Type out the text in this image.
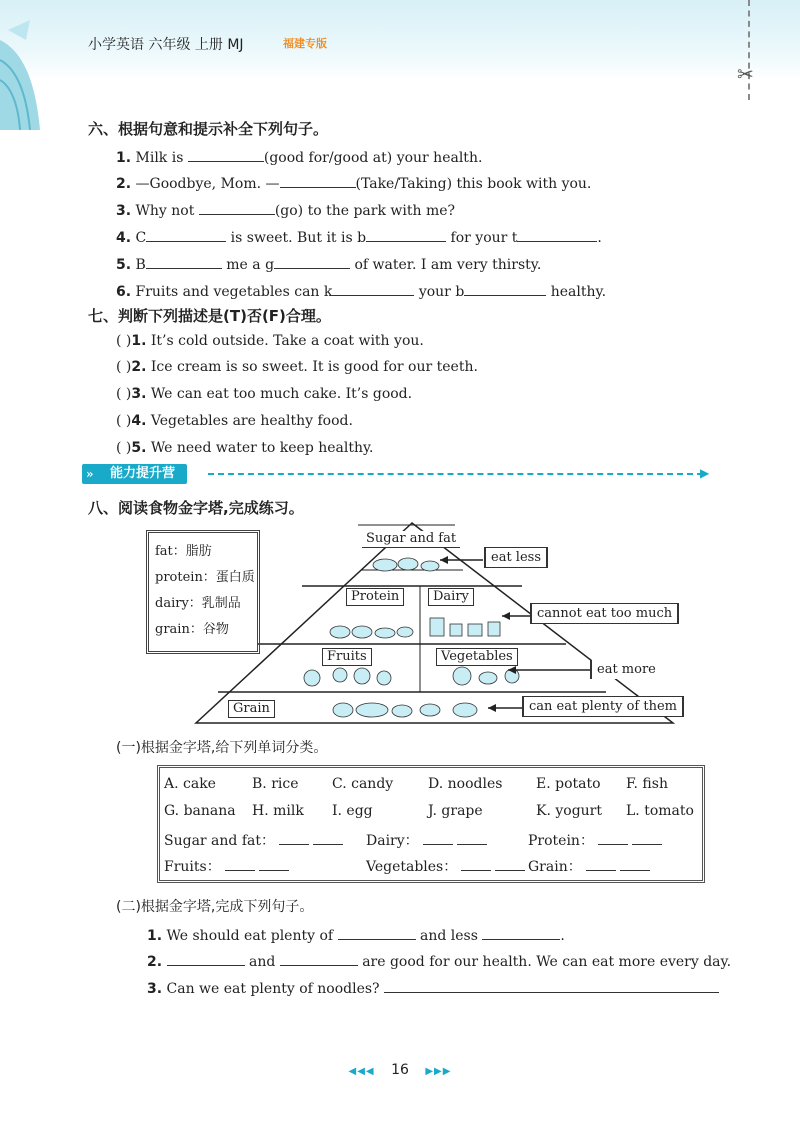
小学英语 六年级 上册 MJ	福建专版
✂
六、根据句意和提示补全下列句子。
1. Milk is	(good for/good at) your health.
2. —Goodbye, Mom. —	(Take/Taking) this book with you.
3. Why not	(go) to the park with me?
4. C	is sweet. But it is b	for your t	.
5. B	me a g	of water. I am very thirsty.
6. Fruits and vegetables can k	your b	healthy.
七、判断下列描述是(T)否(F)合理。
( )1. It’s cold outside. Take a coat with you.
( )2. Ice cream is so sweet. It is good for our teeth.
( )3. We can eat too much cake. It’s good.
( )4. Vegetables are healthy food.
( )5. We need water to keep healthy.
能力提升营
»	▶
八、阅读食物金字塔,完成练习。
fat：脂肪
protein：蛋白质
dairy：乳制品
grain：谷物
Sugar and fat
Protein	Dairy
Fruits	Vegetables
Grain
eat less
cannot eat too much
eat more
can eat plenty of them
(一)根据金字塔,给下列单词分类。
A. cake	B. rice C. candy D. noodles E. potato F. fish
G. banana H. milk I. egg	J. grape	K. yogurt L. tomato
Sugar and fat：	Dairy：	Protein：
Fruits：	Vegetables：	Grain：
(二)根据金字塔,完成下列句子。
1. We should eat plenty of	and less	.
2.	and	are good for our health. We can eat more every day.
3. Can we eat plenty of noodles?
◀◀◀ 16 ▶▶▶
